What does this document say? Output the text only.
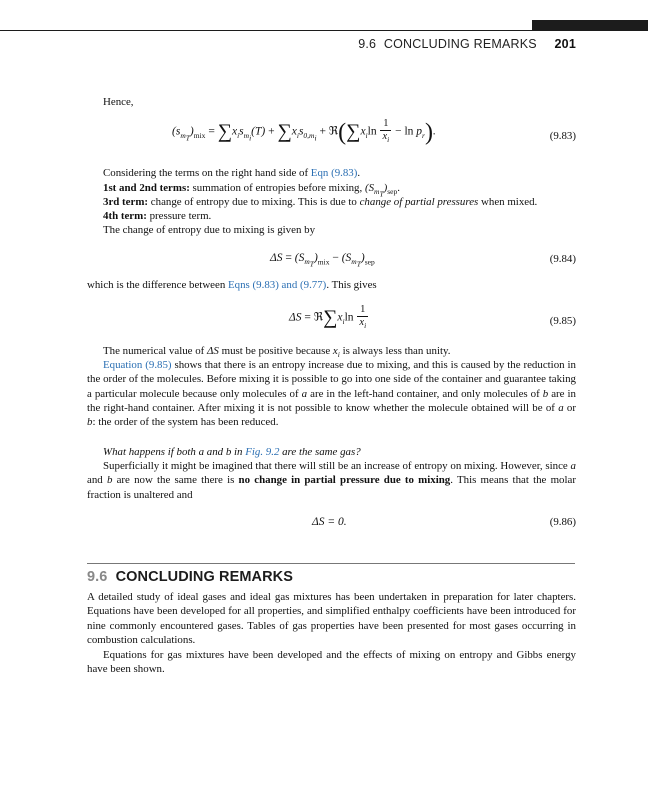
9.6 CONCLUDING REMARKS 201
Hence,
$(s_{m_T})_{mix} = \sum x_is_{m_i}(T) + \sum x_is_{0,m_i}$ + $ℜ(\sum x_i\ln \frac{1}{x_i} - \ln p_r)$.	(9.83)
Considering the terms on the right hand side of Eqn (9.83).
1st and 2nd terms: summation of entropies before mixing, $(S_{m_T})_{sep}$.
3rd term: change of entropy due to mixing. This is due to change of partial pressures when mixed.
4th term: pressure term.
The change of entropy due to mixing is given by
$\Delta S = (S_{m_T})_{mix} - (S_{m_T})_{sep}$	(9.84)
which is the difference between Eqns (9.83) and (9.77). This gives
$\Delta S = ℜ\sum x_i\ln \frac{1}{x_i}$	(9.85)
The numerical value of ΔS must be positive because $x_i$ is always less than unity.
Equation (9.85) shows that there is an entropy increase due to mixing, and this is caused by the reduction in the order of the molecules. Before mixing it is possible to go into one side of the container and guarantee taking a particular molecule because only molecules of a are in the left-hand container, and only molecules of b are in the right-hand container. After mixing it is not possible to know whether the molecule obtained will be of a or b: the order of the system has been reduced.
What happens if both a and b in Fig. 9.2 are the same gas?
Superficially it might be imagined that there will still be an increase of entropy on mixing. However, since a and b are now the same there is no change in partial pressure due to mixing. This means that the molar fraction is unaltered and
ΔS = 0.	(9.86)
9.6 CONCLUDING REMARKS
A detailed study of ideal gases and ideal gas mixtures has been undertaken in preparation for later chapters. Equations have been developed for all properties, and simplified enthalpy coefficients have been introduced for nine commonly encountered gases. Tables of gas properties have been presented for most gases occurring in combustion calculations.
Equations for gas mixtures have been developed and the effects of mixing on entropy and Gibbs energy have been shown.
